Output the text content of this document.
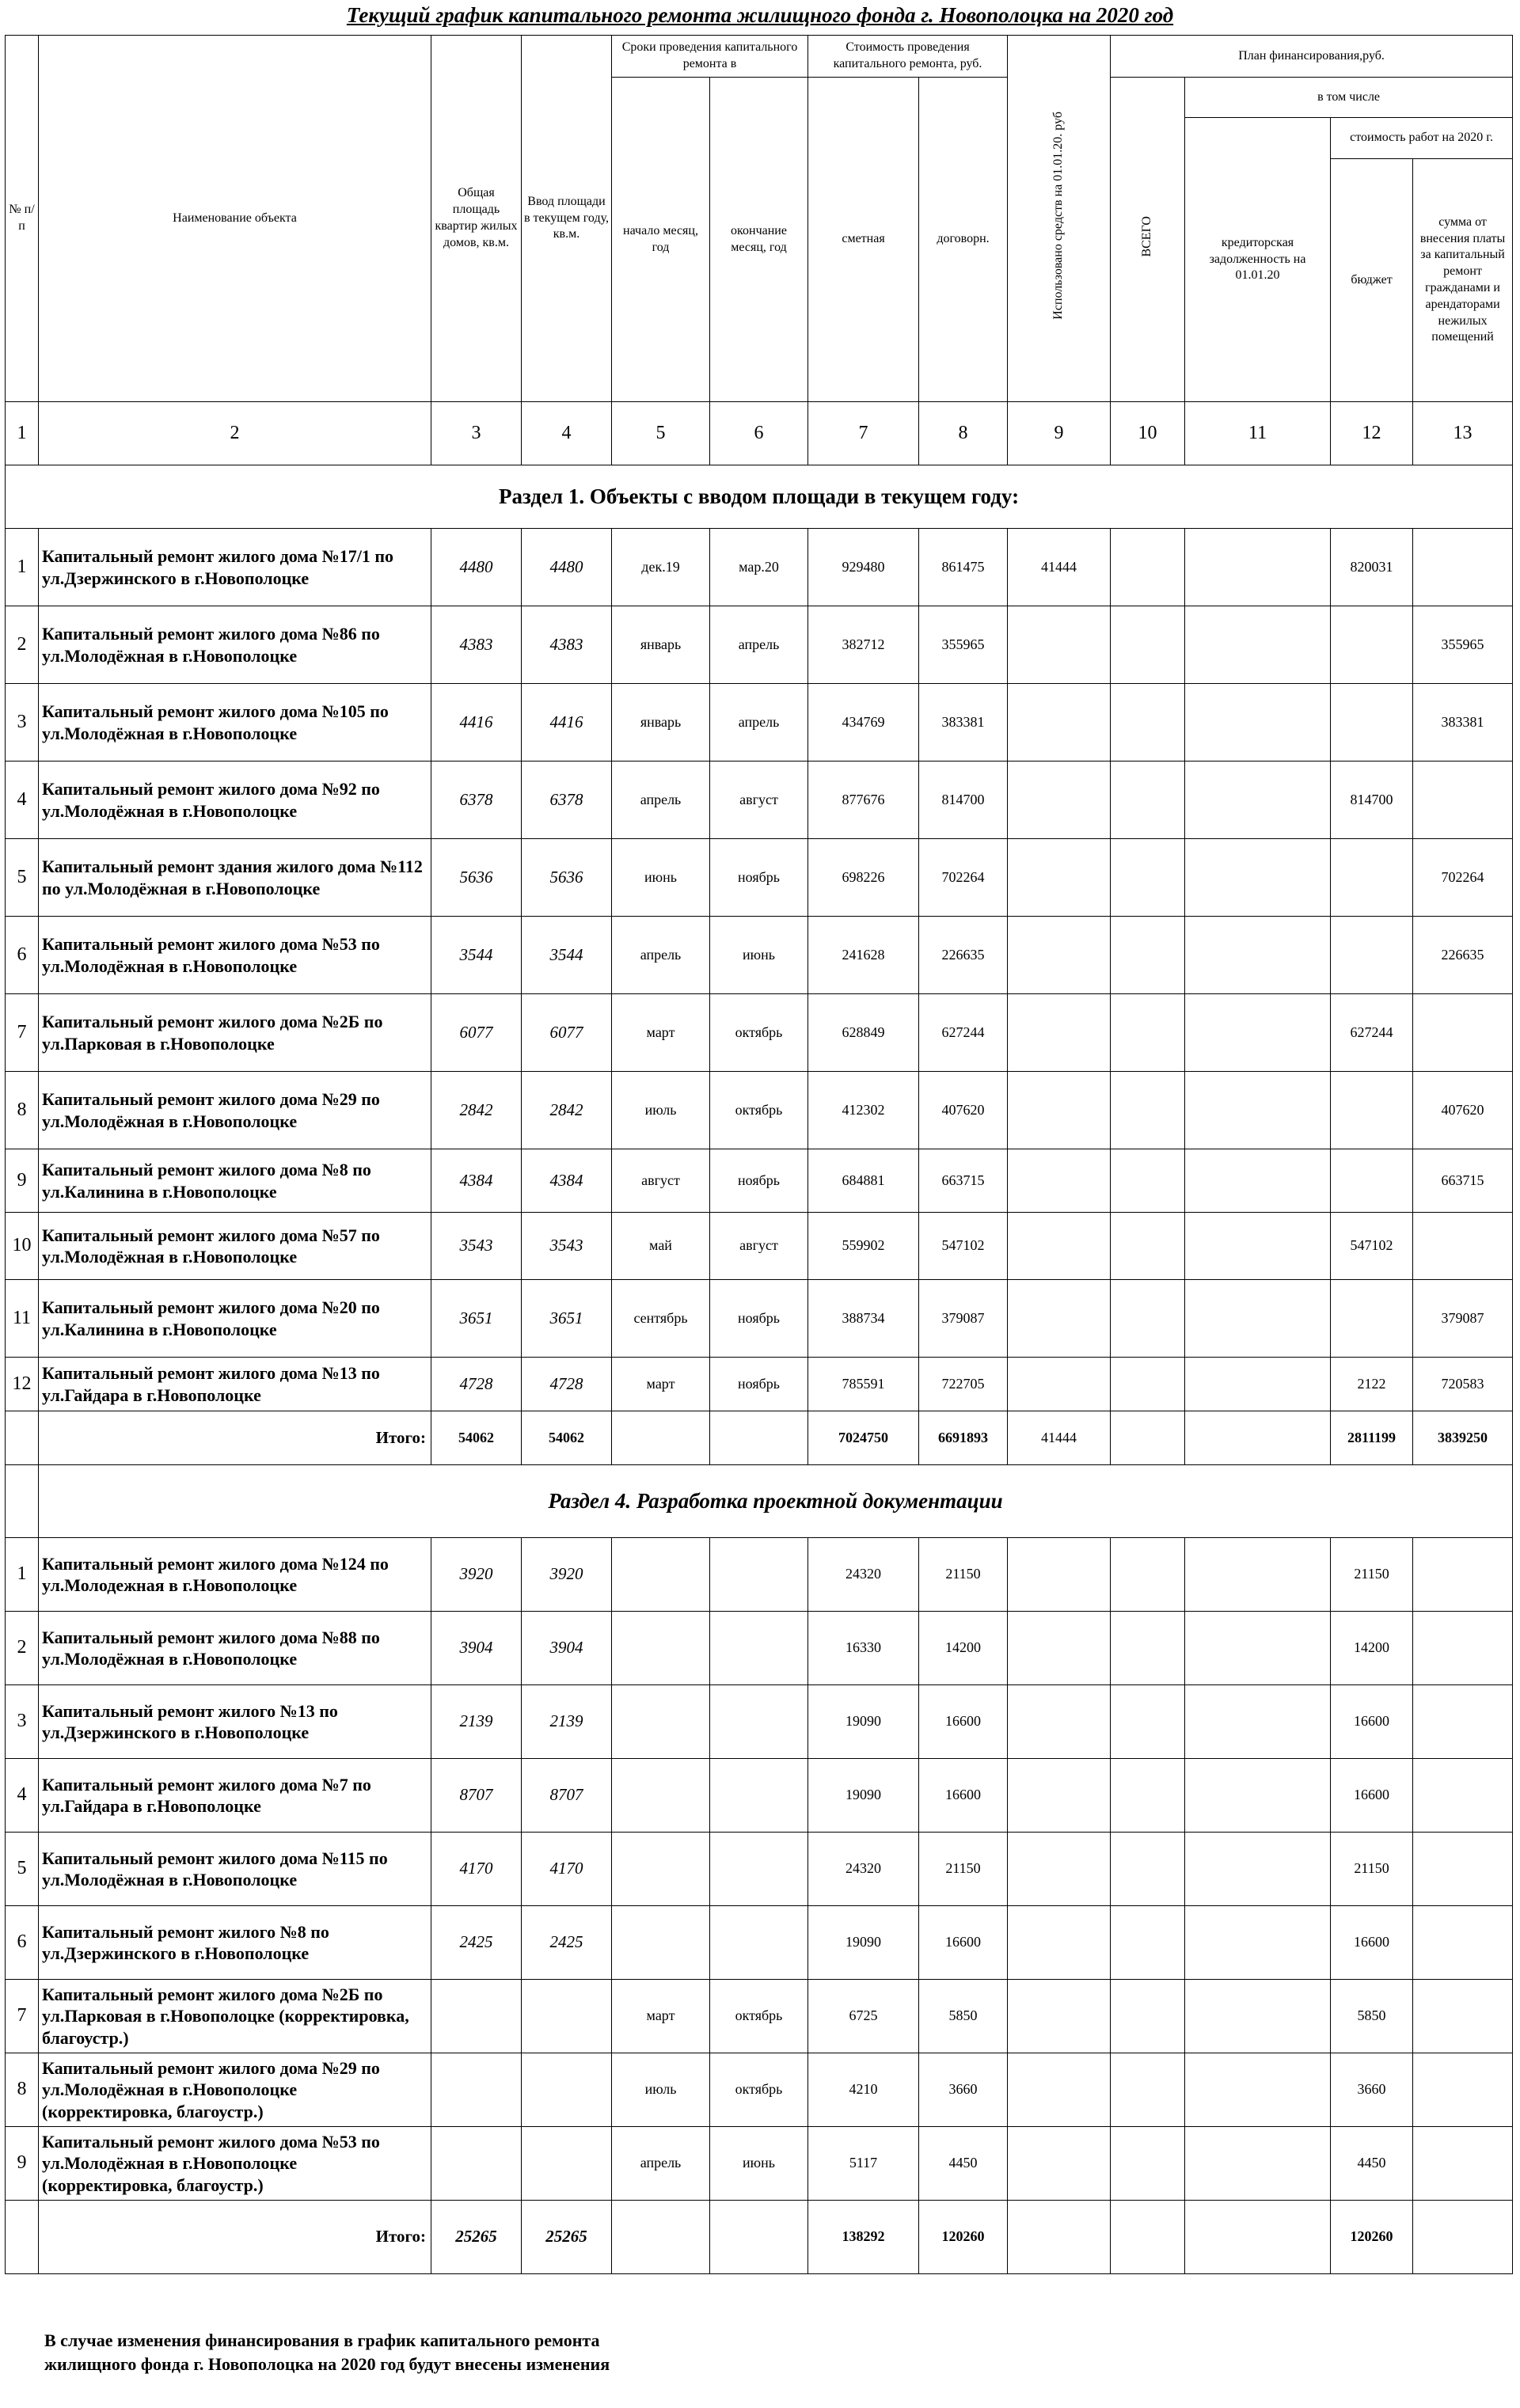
Текущий график капитального ремонта жилищного фонда г. Новополоцка на 2020 год
№ п/п	Наименование объекта	Общая площадь квартир жилых домов, кв.м.	Ввод площади в текущем году, кв.м.	Сроки проведения капитального ремонта в		Стоимость проведения капитального ремонта, руб.		Использовано средств на 01.01.20. руб	План финансирования,руб.			
				начало месяц, год	окончание месяц, год	сметная	договорн.		ВСЕГО	в том числе		
										кредиторская задолженность на 01.01.20	стоимость работ на 2020 г.	
											бюджет	сумма от внесения платы за капитальный ремонт гражданами и арендаторами нежилых помещений
1	2	3	4	5	6	7	8	9	10	11	12	13
Раздел 1. Объекты с вводом площади в текущем году:												
1	Капитальный ремонт жилого дома №17/1 по ул.Дзержинского в г.Новополоцке	4480	4480	дек.19	мар.20	929480	861475	41444			820031	
2	Капитальный ремонт жилого дома №86 по ул.Молодёжная в г.Новополоцке	4383	4383	январь	апрель	382712	355965					355965
3	Капитальный ремонт жилого дома №105 по ул.Молодёжная в г.Новополоцке	4416	4416	январь	апрель	434769	383381					383381
4	Капитальный ремонт жилого дома №92 по ул.Молодёжная в г.Новополоцке	6378	6378	апрель	август	877676	814700				814700	
5	Капитальный ремонт здания жилого дома №112 по ул.Молодёжная в г.Новополоцке	5636	5636	июнь	ноябрь	698226	702264					702264
6	Капитальный ремонт жилого дома №53 по ул.Молодёжная в г.Новополоцке	3544	3544	апрель	июнь	241628	226635					226635
7	Капитальный ремонт жилого дома №2Б по ул.Парковая в г.Новополоцке	6077	6077	март	октябрь	628849	627244				627244	
8	Капитальный ремонт жилого дома №29 по ул.Молодёжная в г.Новополоцке	2842	2842	июль	октябрь	412302	407620					407620
9	Капитальный ремонт жилого дома №8 по ул.Калинина в г.Новополоцке	4384	4384	август	ноябрь	684881	663715					663715
10	Капитальный ремонт жилого дома №57 по ул.Молодёжная в г.Новополоцке	3543	3543	май	август	559902	547102				547102	
11	Капитальный ремонт жилого дома №20 по ул.Калинина в г.Новополоцке	3651	3651	сентябрь	ноябрь	388734	379087					379087
12	Капитальный ремонт жилого дома №13 по ул.Гайдара в г.Новополоцке	4728	4728	март	ноябрь	785591	722705				2122	720583
	Итого:	54062	54062			7024750	6691893	41444			2811199	3839250
	Раздел 4. Разработка проектной документации											
1	Капитальный ремонт жилого дома №124 по ул.Молодежная в г.Новополоцке	3920	3920			24320	21150				21150	
2	Капитальный ремонт жилого дома №88 по ул.Молодёжная в г.Новополоцке	3904	3904			16330	14200				14200	
3	Капитальный ремонт жилого №13 по ул.Дзержинского в г.Новополоцке	2139	2139			19090	16600				16600	
4	Капитальный ремонт жилого дома №7 по ул.Гайдара в г.Новополоцке	8707	8707			19090	16600				16600	
5	Капитальный ремонт жилого дома №115 по ул.Молодёжная в г.Новополоцке	4170	4170			24320	21150				21150	
6	Капитальный ремонт жилого №8 по ул.Дзержинского в г.Новополоцке	2425	2425			19090	16600				16600	
7	Капитальный ремонт жилого дома №2Б по ул.Парковая в г.Новополоцке (корректировка, благоустр.)			март	октябрь	6725	5850				5850	
8	Капитальный ремонт жилого дома №29 по ул.Молодёжная в г.Новополоцке (корректировка, благоустр.)			июль	октябрь	4210	3660				3660	
9	Капитальный ремонт жилого дома №53 по ул.Молодёжная в г.Новополоцке (корректировка, благоустр.)			апрель	июнь	5117	4450				4450	
	Итого:	25265	25265			138292	120260				120260	
В случае изменения финансирования в график капитального ремонта
жилищного фонда г. Новополоцка на 2020 год будут внесены изменения
